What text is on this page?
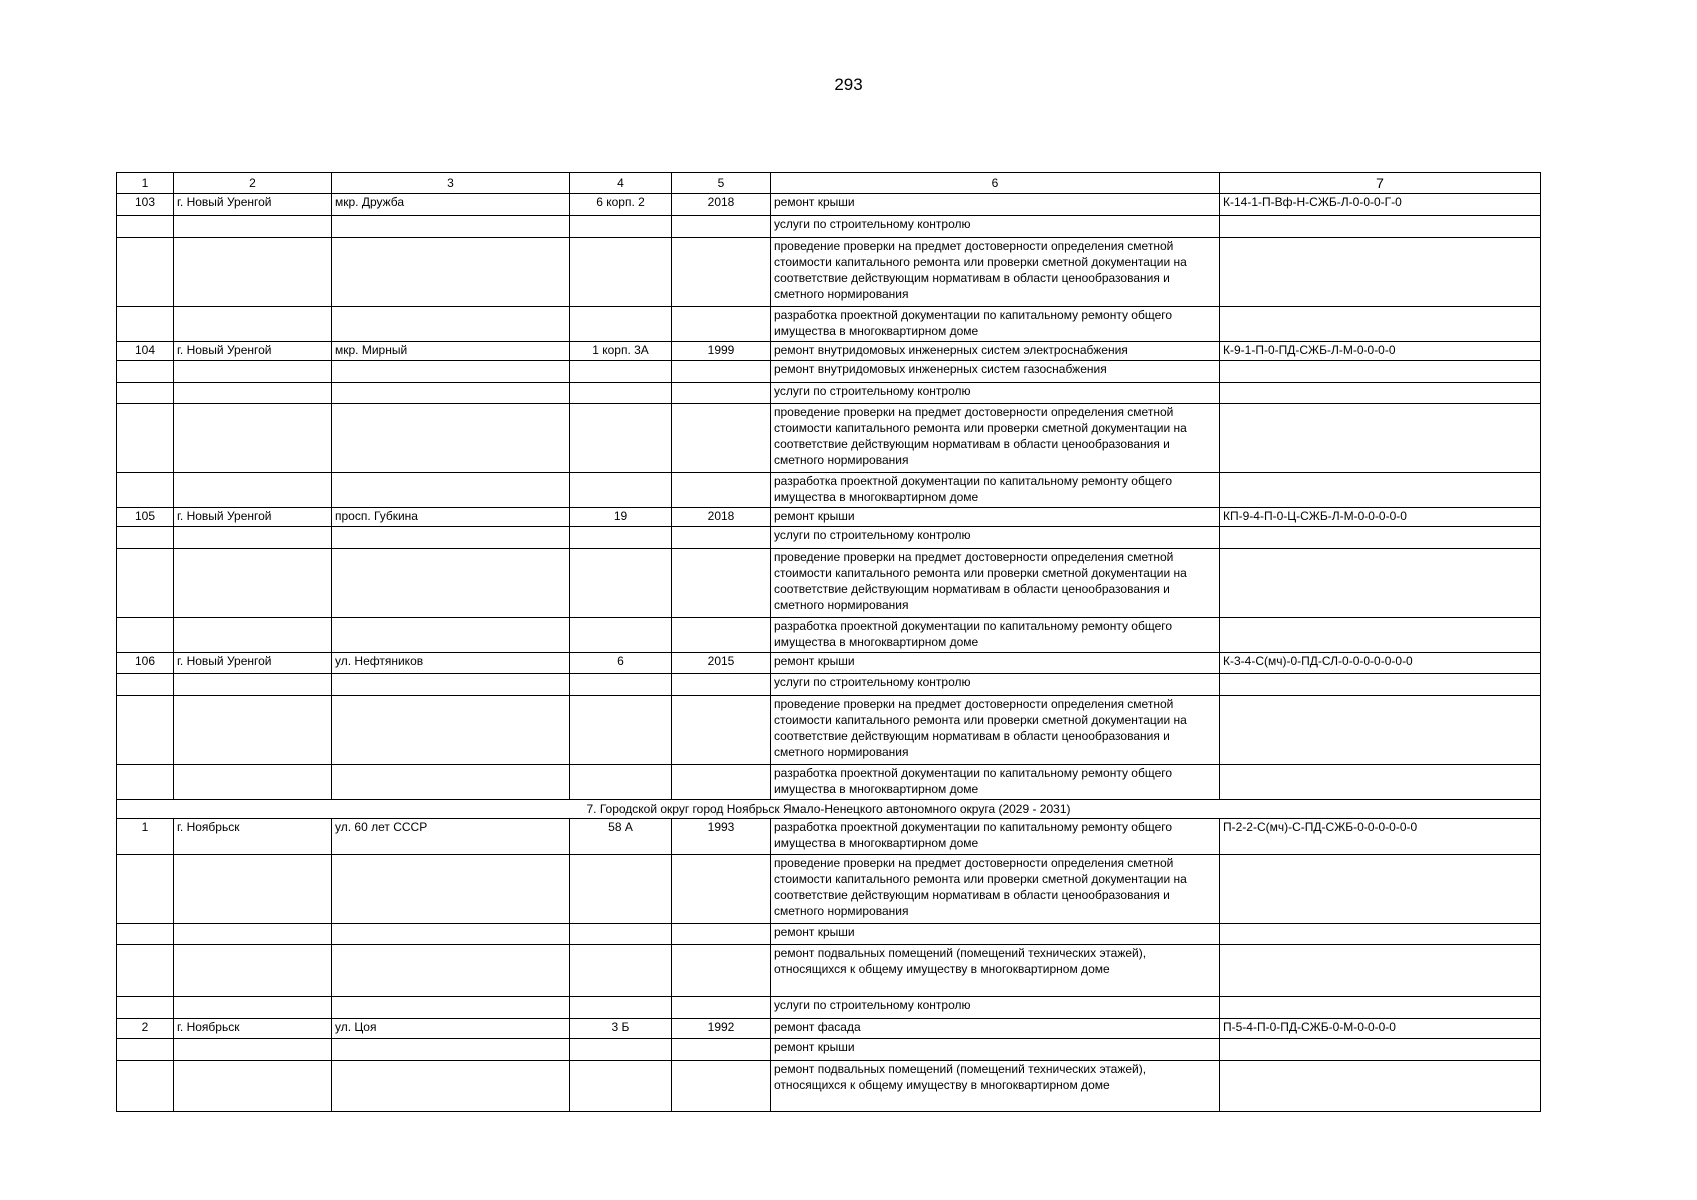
293
1	2	3	4	5	6	7
103	г. Новый Уренгой	мкр. Дружба	6 корп. 2	2018	ремонт крыши	К-14-1-П-Вф-Н-СЖБ-Л-0-0-0-Г-0
					услуги по строительному контролю	
					проведение проверки на предмет достоверности определения сметной стоимости капитального ремонта или проверки сметной документации на соответствие действующим нормативам в области ценообразования и сметного нормирования	
					разработка проектной документации по капитальному ремонту общего имущества в многоквартирном доме	
104	г. Новый Уренгой	мкр. Мирный	1 корп. 3А	1999	ремонт внутридомовых инженерных систем электроснабжения	К-9-1-П-0-ПД-СЖБ-Л-М-0-0-0-0
					ремонт внутридомовых инженерных систем газоснабжения	
					услуги по строительному контролю	
					проведение проверки на предмет достоверности определения сметной стоимости капитального ремонта или проверки сметной документации на соответствие действующим нормативам в области ценообразования и сметного нормирования	
					разработка проектной документации по капитальному ремонту общего имущества в многоквартирном доме	
105	г. Новый Уренгой	просп. Губкина	19	2018	ремонт крыши	КП-9-4-П-0-Ц-СЖБ-Л-М-0-0-0-0-0
					услуги по строительному контролю	
					проведение проверки на предмет достоверности определения сметной стоимости капитального ремонта или проверки сметной документации на соответствие действующим нормативам в области ценообразования и сметного нормирования	
					разработка проектной документации по капитальному ремонту общего имущества в многоквартирном доме	
106	г. Новый Уренгой	ул. Нефтяников	6	2015	ремонт крыши	К-3-4-С(мч)-0-ПД-СЛ-0-0-0-0-0-0-0
					услуги по строительному контролю	
					проведение проверки на предмет достоверности определения сметной стоимости капитального ремонта или проверки сметной документации на соответствие действующим нормативам в области ценообразования и сметного нормирования	
					разработка проектной документации по капитальному ремонту общего имущества в многоквартирном доме	
7. Городской округ город Ноябрьск Ямало-Ненецкого автономного округа (2029 - 2031)						
1	г. Ноябрьск	ул. 60 лет СССР	58 А	1993	разработка проектной документации по капитальному ремонту общего имущества в многоквартирном доме	П-2-2-С(мч)-С-ПД-СЖБ-0-0-0-0-0-0
					проведение проверки на предмет достоверности определения сметной стоимости капитального ремонта или проверки сметной документации на соответствие действующим нормативам в области ценообразования и сметного нормирования	
					ремонт крыши	
					ремонт подвальных помещений (помещений технических этажей), относящихся к общему имуществу в многоквартирном доме	
					услуги по строительному контролю	
2	г. Ноябрьск	ул. Цоя	3 Б	1992	ремонт фасада	П-5-4-П-0-ПД-СЖБ-0-М-0-0-0-0
					ремонт крыши	
					ремонт подвальных помещений (помещений технических этажей), относящихся к общему имуществу в многоквартирном доме	
